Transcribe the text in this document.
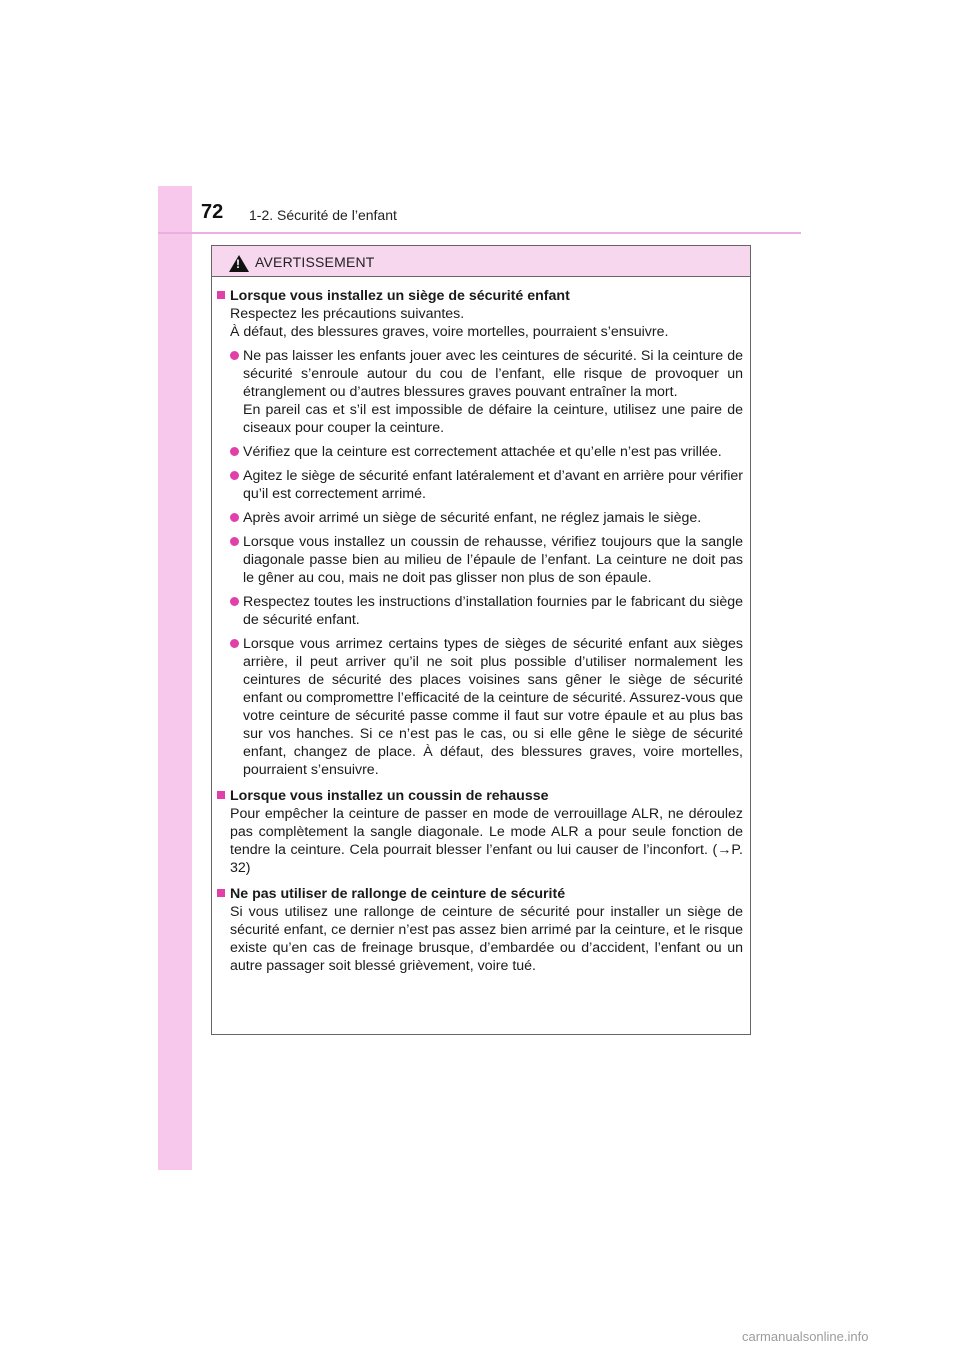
72 1-2. Sécurité de l’enfant
!
AVERTISSEMENT
Lorsque vous installez un siège de sécurité enfant

Respectez les précautions suivantes.

À défaut, des blessures graves, voire mortelles, pourraient s’ensuivre.

Ne pas laisser les enfants jouer avec les ceintures de sécurité. Si la ceinture de sécurité s’enroule autour du cou de l’enfant, elle risque de provoquer un étranglement ou d’autres blessures graves pouvant entraîner la mort.

En pareil cas et s’il est impossible de défaire la ceinture, utilisez une paire de ciseaux pour couper la ceinture.

Vérifiez que la ceinture est correctement attachée et qu’elle n’est pas vrillée.

Agitez le siège de sécurité enfant latéralement et d’avant en arrière pour vérifier qu’il est correctement arrimé.

Après avoir arrimé un siège de sécurité enfant, ne réglez jamais le siège.

Lorsque vous installez un coussin de rehausse, vérifiez toujours que la sangle diagonale passe bien au milieu de l’épaule de l’enfant. La ceinture ne doit pas le gêner au cou, mais ne doit pas glisser non plus de son épaule.

Respectez toutes les instructions d’installation fournies par le fabricant du siège de sécurité enfant.

Lorsque vous arrimez certains types de sièges de sécurité enfant aux sièges arrière, il peut arriver qu’il ne soit plus possible d’utiliser normalement les ceintures de sécurité des places voisines sans gêner le siège de sécurité enfant ou compromettre l’efficacité de la ceinture de sécurité. Assurez-vous que votre ceinture de sécurité passe comme il faut sur votre épaule et au plus bas sur vos hanches. Si ce n’est pas le cas, ou si elle gêne le siège de sécurité enfant, changez de place. À défaut, des blessures graves, voire mortelles, pourraient s’ensuivre.

Lorsque vous installez un coussin de rehausse

Pour empêcher la ceinture de passer en mode de verrouillage ALR, ne déroulez pas complètement la sangle diagonale. Le mode ALR a pour seule fonction de tendre la ceinture. Cela pourrait blesser l’enfant ou lui causer de l’inconfort. (→P. 32)

Ne pas utiliser de rallonge de ceinture de sécurité

Si vous utilisez une rallonge de ceinture de sécurité pour installer un siège de sécurité enfant, ce dernier n’est pas assez bien arrimé par la ceinture, et le risque existe qu’en cas de freinage brusque, d’embardée ou d’accident, l’enfant ou un autre passager soit blessé grièvement, voire tué.

carmanualsonline.info
